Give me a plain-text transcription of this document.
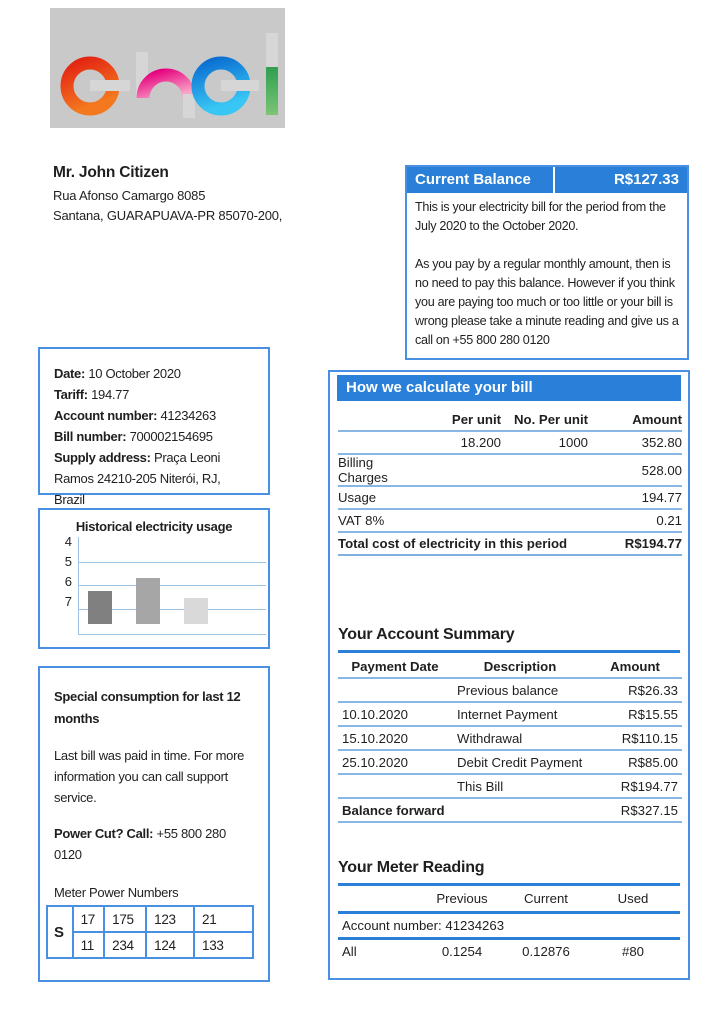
Mr. John Citizen
Rua Afonso Camargo 8085
Santana, GUARAPUAVA-PR 85070-200,
Current Balance	R$127.33

This is your electricity bill for the period from the July 2020 to the October 2020.

As you pay by a regular monthly amount, then is no need to pay this balance. However if you think you are paying too much or too little or your bill is wrong please take a minute reading and give us a call on +55 800 280 0120

Date: 10 October 2020
Tariff: 194.77
Account number: 41234263
Bill number: 700002154695
Supply address: Praça Leoni Ramos 24210-205 Niterói, RJ, Brazil
Historical electricity usage
4
5
6
7
Special consumption for last 12 months
Last bill was paid in time. For more information you can call support service.
Power Cut? Call: +55 800 280 0120
Meter Power Numbers
S	17	175	123	21
	11	234	124	133
How we calculate your bill
	Per unit	No. Per unit	Amount
	18.200	1000	352.80
Billing Charges			528.00
Usage			194.77
VAT 8%			0.21
Total cost of electricity in this period			R$194.77
Your Account Summary
Payment Date	Description	Amount
	Previous balance	R$26.33
10.10.2020	Internet Payment	R$15.55
15.10.2020	Withdrawal	R$110.15
25.10.2020	Debit Credit Payment	R$85.00
	This Bill	R$194.77
Balance forward		R$327.15
Your Meter Reading
	Previous	Current	Used
Account number: 41234263			
All	0.1254	0.12876	#80
